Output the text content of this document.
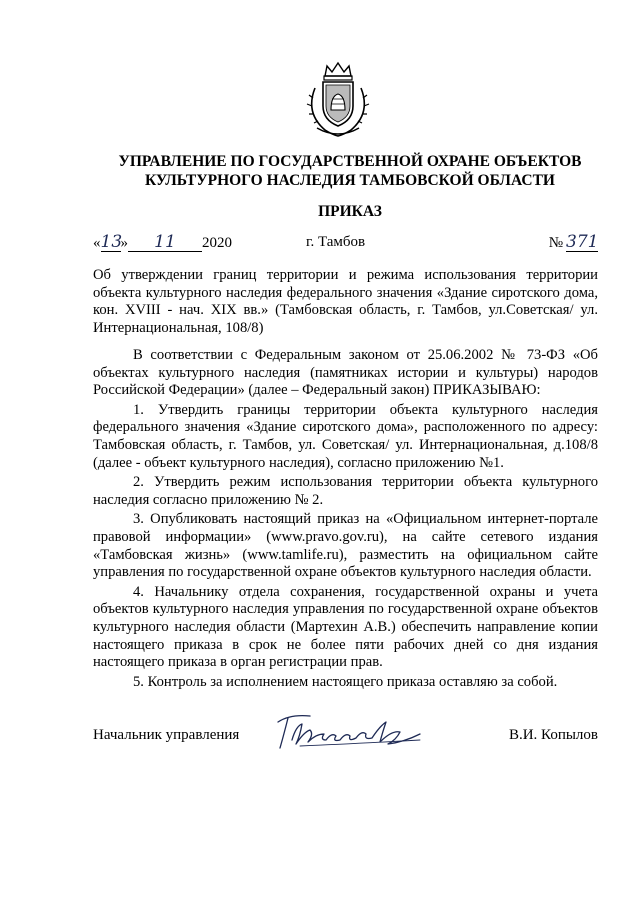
УПРАВЛЕНИЕ ПО ГОСУДАРСТВЕННОЙ ОХРАНЕ ОБЪЕКТОВ
КУЛЬТУРНОГО НАСЛЕДИЯ ТАМБОВСКОЙ ОБЛАСТИ
ПРИКАЗ
«13» 11 2020	г. Тамбов	№ 371
Об утверждении границ территории и режима использования территории объекта культурного наследия федерального значения «Здание сиротского дома, кон. XVIII - нач. XIX вв.» (Тамбовская область, г. Тамбов, ул.Советская/ ул. Интернациональная, 108/8)

В соответствии с Федеральным законом от 25.06.2002 № 73-ФЗ «Об объектах культурного наследия (памятниках истории и культуры) народов Российской Федерации» (далее – Федеральный закон) ПРИКАЗЫВАЮ:

1. Утвердить границы территории объекта культурного наследия федерального значения «Здание сиротского дома», расположенного по адресу: Тамбовская область, г. Тамбов, ул. Советская/ ул. Интернациональная, д.108/8 (далее - объект культурного наследия), согласно приложению №1.

2. Утвердить режим использования территории объекта культурного наследия согласно приложению № 2.

3. Опубликовать настоящий приказ на «Официальном интернет-портале правовой информации» (www.pravo.gov.ru), на сайте сетевого издания «Тамбовская жизнь» (www.tamlife.ru), разместить на официальном сайте управления по государственной охране объектов культурного наследия области.

4. Начальнику отдела сохранения, государственной охраны и учета объектов культурного наследия управления по государственной охране объектов культурного наследия области (Мартехин А.В.) обеспечить направление копии настоящего приказа в срок не более пяти рабочих дней со дня издания настоящего приказа в орган регистрации прав.

5. Контроль за исполнением настоящего приказа оставляю за собой.

Начальник управления	В.И. Копылов
